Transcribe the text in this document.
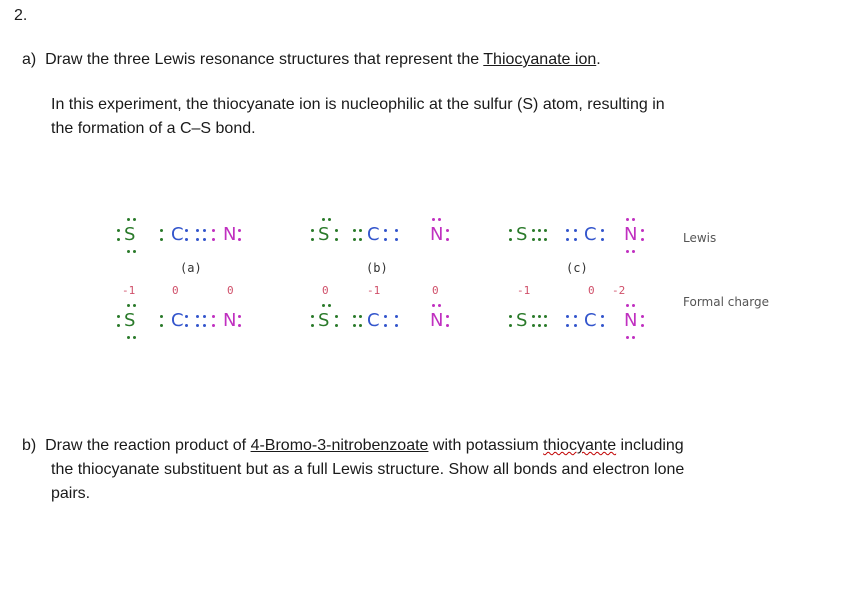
2.
a) Draw the three Lewis resonance structures that represent the Thiocyanate ion.
In this experiment, the thiocyanate ion is nucleophilic at the sulfur (S) atom, resulting in
the formation of a C–S bond.
S C N	S C	N	S	C N
(a)	(b)	(c)
-1	0	0	0	-1	0	-1	0 -2
S C N	S C	N	S	C N
Lewis
Formal charge
b) Draw the reaction product of 4-Bromo-3-nitrobenzoate with potassium thiocyante including
the thiocyanate substituent but as a full Lewis structure. Show all bonds and electron lone
pairs.
